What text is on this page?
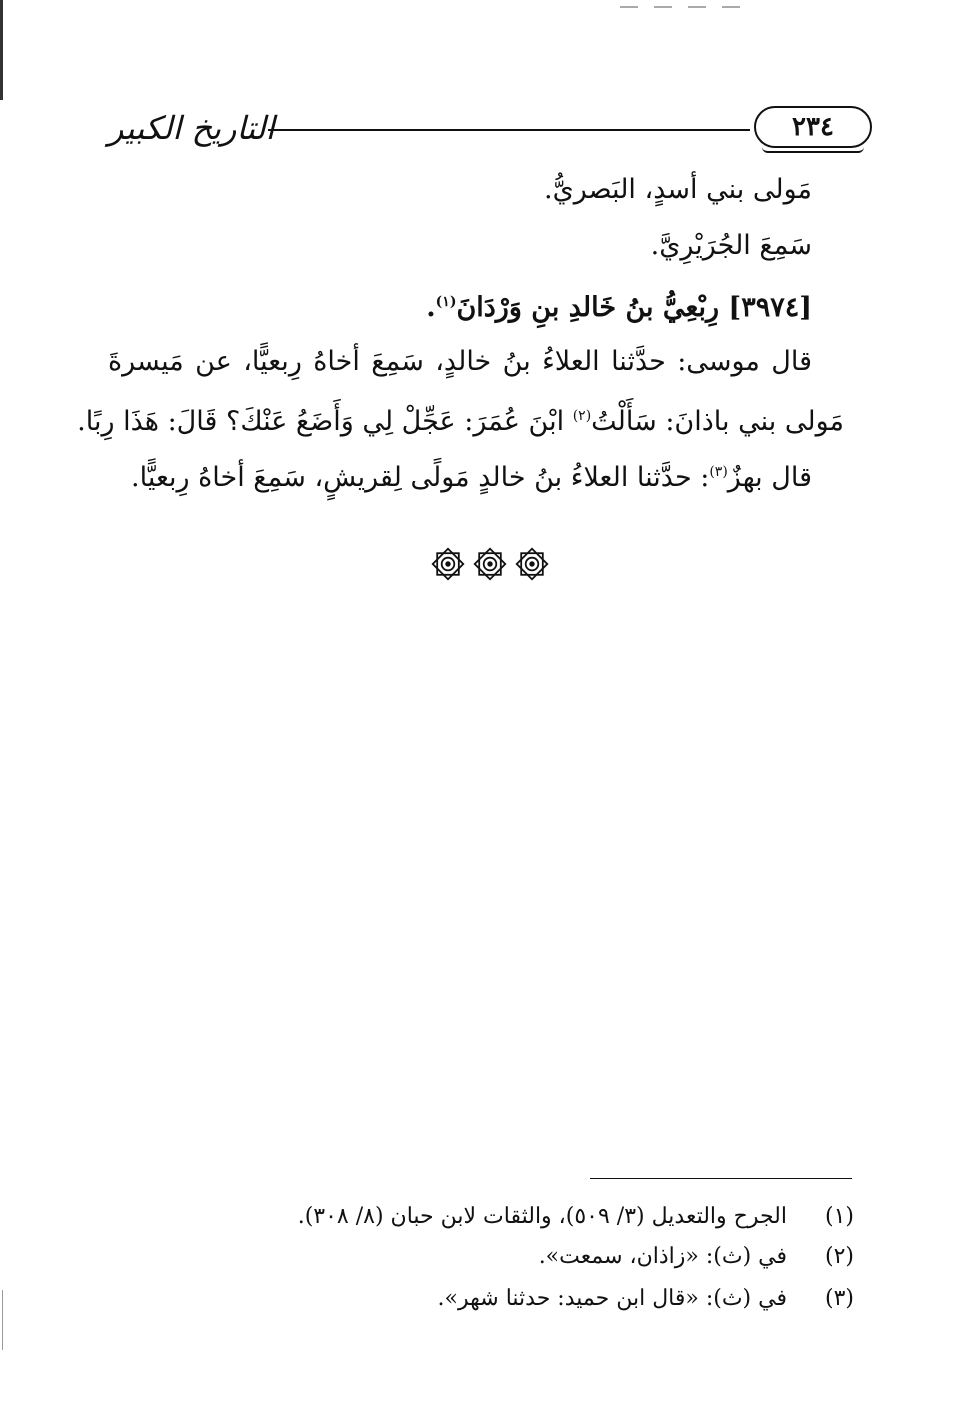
التاريخ الكبير	٢٣٤
مَولى بني أسدٍ، البَصريُّ.
سَمِعَ الجُرَيْرِيَّ.
[٣٩٧٤] رِبْعِيُّ بنُ خَالدِ بنِ وَرْدَانَ$^{(١)}$.
قال موسى: حدَّثنا العلاءُ بنُ خالدٍ، سَمِعَ أخاهُ رِبعيًّا، عن مَيسرةَ
مَولى بني باذانَ: سَأَلْتُ$^{(٢)}$ ابْنَ عُمَرَ: عَجِّلْ لِي وَأَضَعُ عَنْكَ؟ قَالَ: هَذَا رِبًا.
قال بهزٌ$^{(٣)}$: حدَّثنا العلاءُ بنُ خالدٍ مَولًى لِقريشٍ، سَمِعَ أخاهُ رِبعيًّا.
(١) الجرح والتعديل (٣/ ٥٠٩)، والثقات لابن حبان (٨/ ٣٠٨).
(٢) في (ث): «زاذان، سمعت».
(٣) في (ث): «قال ابن حميد: حدثنا شهر».
